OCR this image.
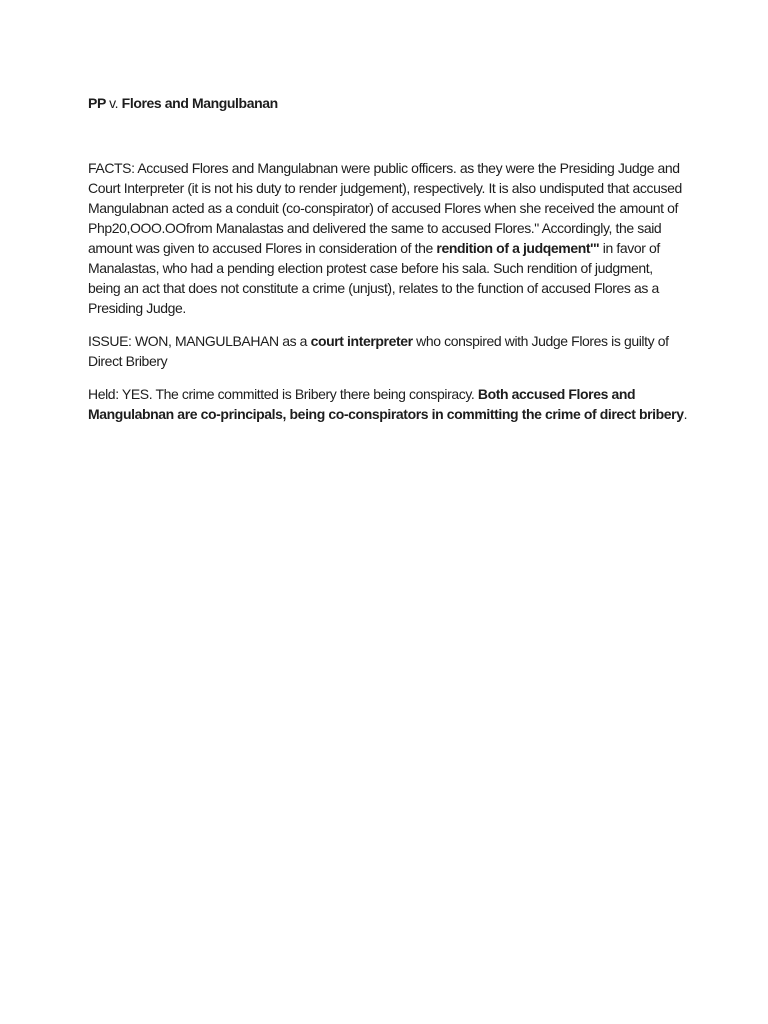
PP v. Flores and Mangulbanan

FACTS: Accused Flores and Mangulabnan were public officers. as they were the Presiding Judge and Court Interpreter (it is not his duty to render judgement), respectively. It is also undisputed that accused Mangulabnan acted as a conduit (co-conspirator) of accused Flores when she received the amount of Php20,OOO.OOfrom Manalastas and delivered the same to accused Flores." Accordingly, the said amount was given to accused Flores in consideration of the rendition of a judqement'" in favor of Manalastas, who had a pending election protest case before his sala. Such rendition of judgment, being an act that does not constitute a crime (unjust), relates to the function of accused Flores as a Presiding Judge.

ISSUE: WON, MANGULBAHAN as a court interpreter who conspired with Judge Flores is guilty of Direct Bribery

Held: YES. The crime committed is Bribery there being conspiracy. Both accused Flores and Mangulabnan are co-principals, being co-conspirators in committing the crime of direct bribery.
